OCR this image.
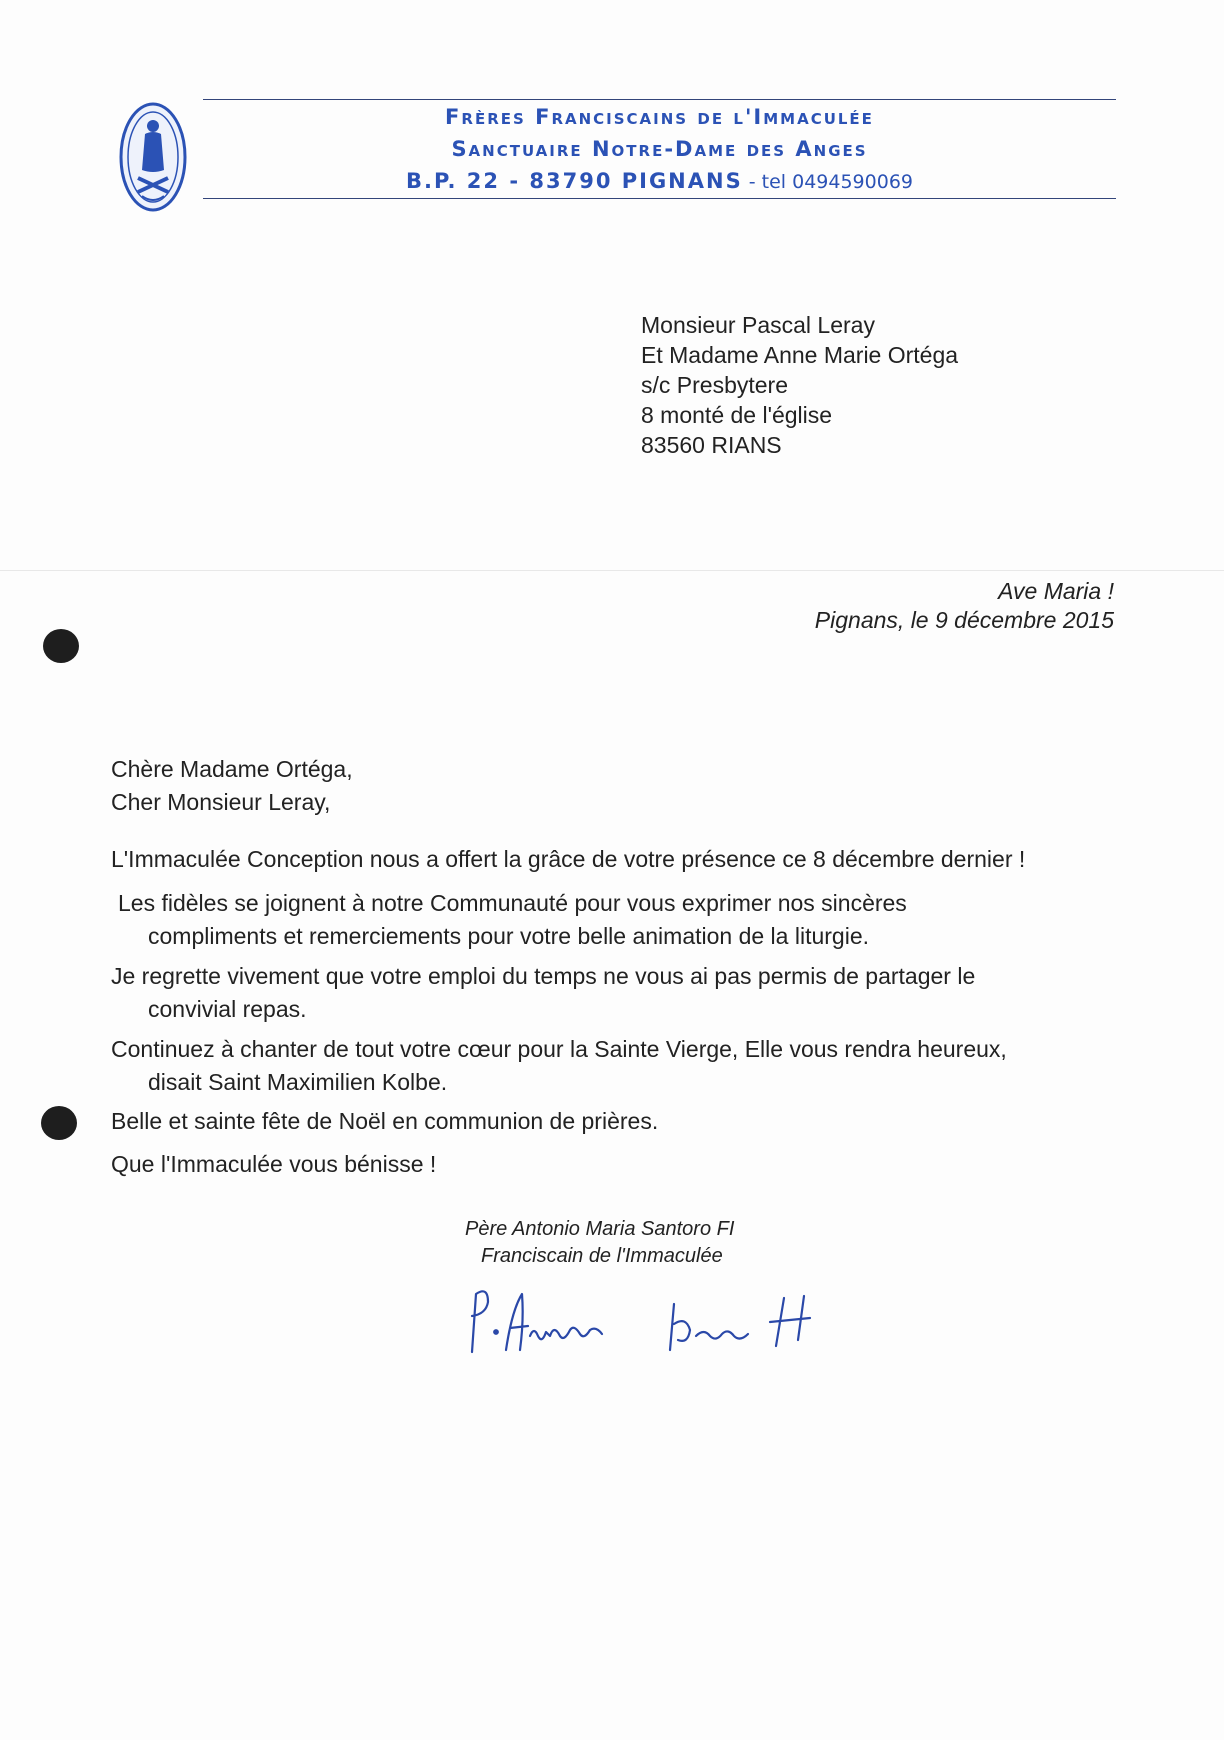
Frères Franciscains de l'Immaculée
Sanctuaire Notre-Dame des Anges
B.P. 22 - 83790 PIGNANS - tel 0494590069
Monsieur Pascal Leray
Et Madame Anne Marie Ortéga
s/c Presbytere
8 monté de l'église
83560 RIANS
Ave Maria !
Pignans, le 9 décembre 2015
Chère Madame Ortéga,
Cher Monsieur Leray,
L'Immaculée Conception nous a offert la grâce de votre présence ce 8 décembre dernier !
Les fidèles se joignent à notre Communauté pour vous exprimer nos sincères
compliments et remerciements pour votre belle animation de la liturgie.
Je regrette vivement que votre emploi du temps ne vous ai pas permis de partager le
convivial repas.
Continuez à chanter de tout votre cœur pour la Sainte Vierge, Elle vous rendra heureux,
disait Saint Maximilien Kolbe.
Belle et sainte fête de Noël en communion de prières.
Que l'Immaculée vous bénisse !
Père Antonio Maria Santoro FI
Franciscain de l'Immaculée
